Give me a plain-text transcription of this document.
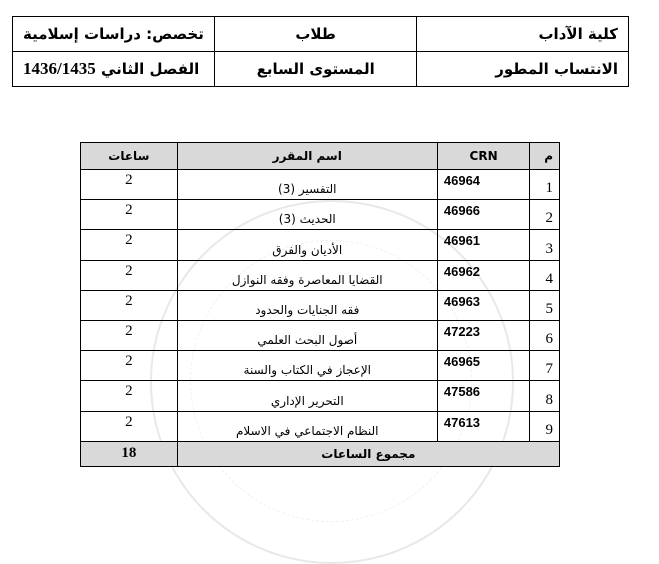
كلية الآداب	طلاب	تخصص: دراسات إسلامية
الانتساب المطور	المستوى السابع	الفصل الثاني 1436/1435
م	CRN	اسم المقرر	ساعات
1	46964	التفسير (3)	2
2	46966	الحديث (3)	2
3	46961	الأديان والفرق	2
4	46962	القضايا المعاصرة وفقه النوازل	2
5	46963	فقه الجنايات والحدود	2
6	47223	أصول البحث العلمي	2
7	46965	الإعجاز في الكتاب والسنة	2
8	47586	التحرير الإداري	2
9	47613	النظام الاجتماعي في الاسلام	2
مجموع الساعات			18
